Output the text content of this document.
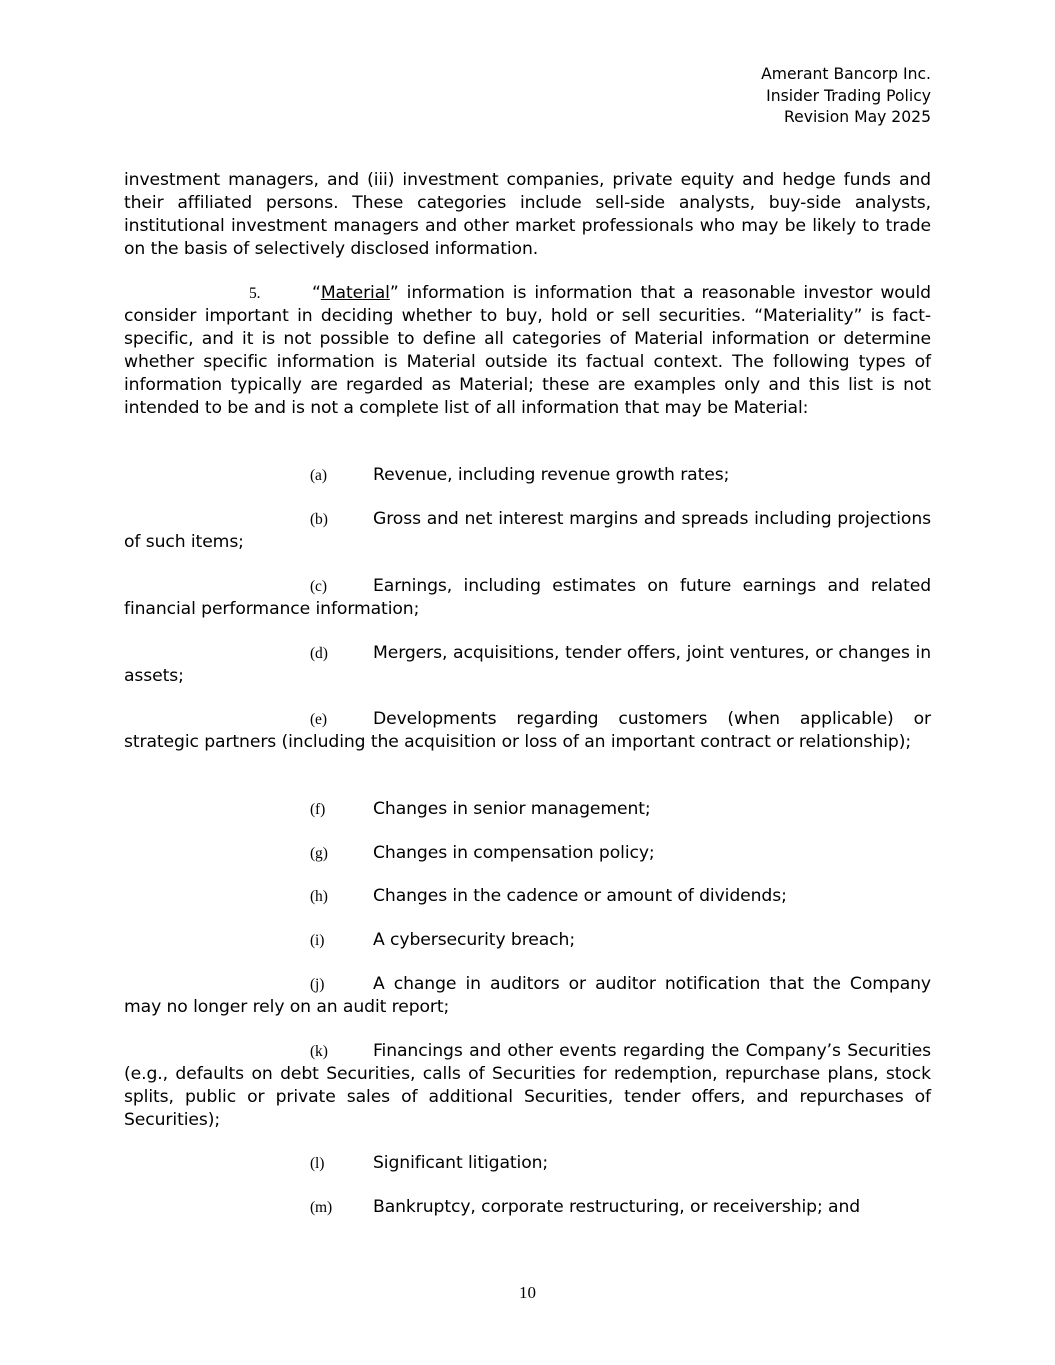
Amerant Bancorp Inc.
Insider Trading Policy
Revision May 2025
investment managers, and (iii) investment companies, private equity and hedge funds and their affiliated persons. These categories include sell-side analysts, buy-side analysts, institutional investment managers and other market professionals who may be likely to trade on the basis of selectively disclosed information.
5.	“Material” information is information that a reasonable investor would consider important in deciding whether to buy, hold or sell securities. “Materiality” is fact-specific, and it is not possible to define all categories of Material information or determine whether specific information is Material outside its factual context. The following types of information typically are regarded as Material; these are examples only and this list is not intended to be and is not a complete list of all information that may be Material:
(a)	Revenue, including revenue growth rates;
(b)	Gross and net interest margins and spreads including projections of such items;
(c)	Earnings, including estimates on future earnings and related financial performance information;
(d)	Mergers, acquisitions, tender offers, joint ventures, or changes in assets;
(e)	Developments regarding customers (when applicable) or strategic partners (including the acquisition or loss of an important contract or relationship);
(f)	Changes in senior management;
(g)	Changes in compensation policy;
(h)	Changes in the cadence or amount of dividends;
(i)	A cybersecurity breach;
(j)	A change in auditors or auditor notification that the Company may no longer rely on an audit report;
(k)	Financings and other events regarding the Company’s Securities (e.g., defaults on debt Securities, calls of Securities for redemption, repurchase plans, stock splits, public or private sales of additional Securities, tender offers, and repurchases of Securities);
(l)	Significant litigation;
(m) Bankruptcy, corporate restructuring, or receivership; and
10
